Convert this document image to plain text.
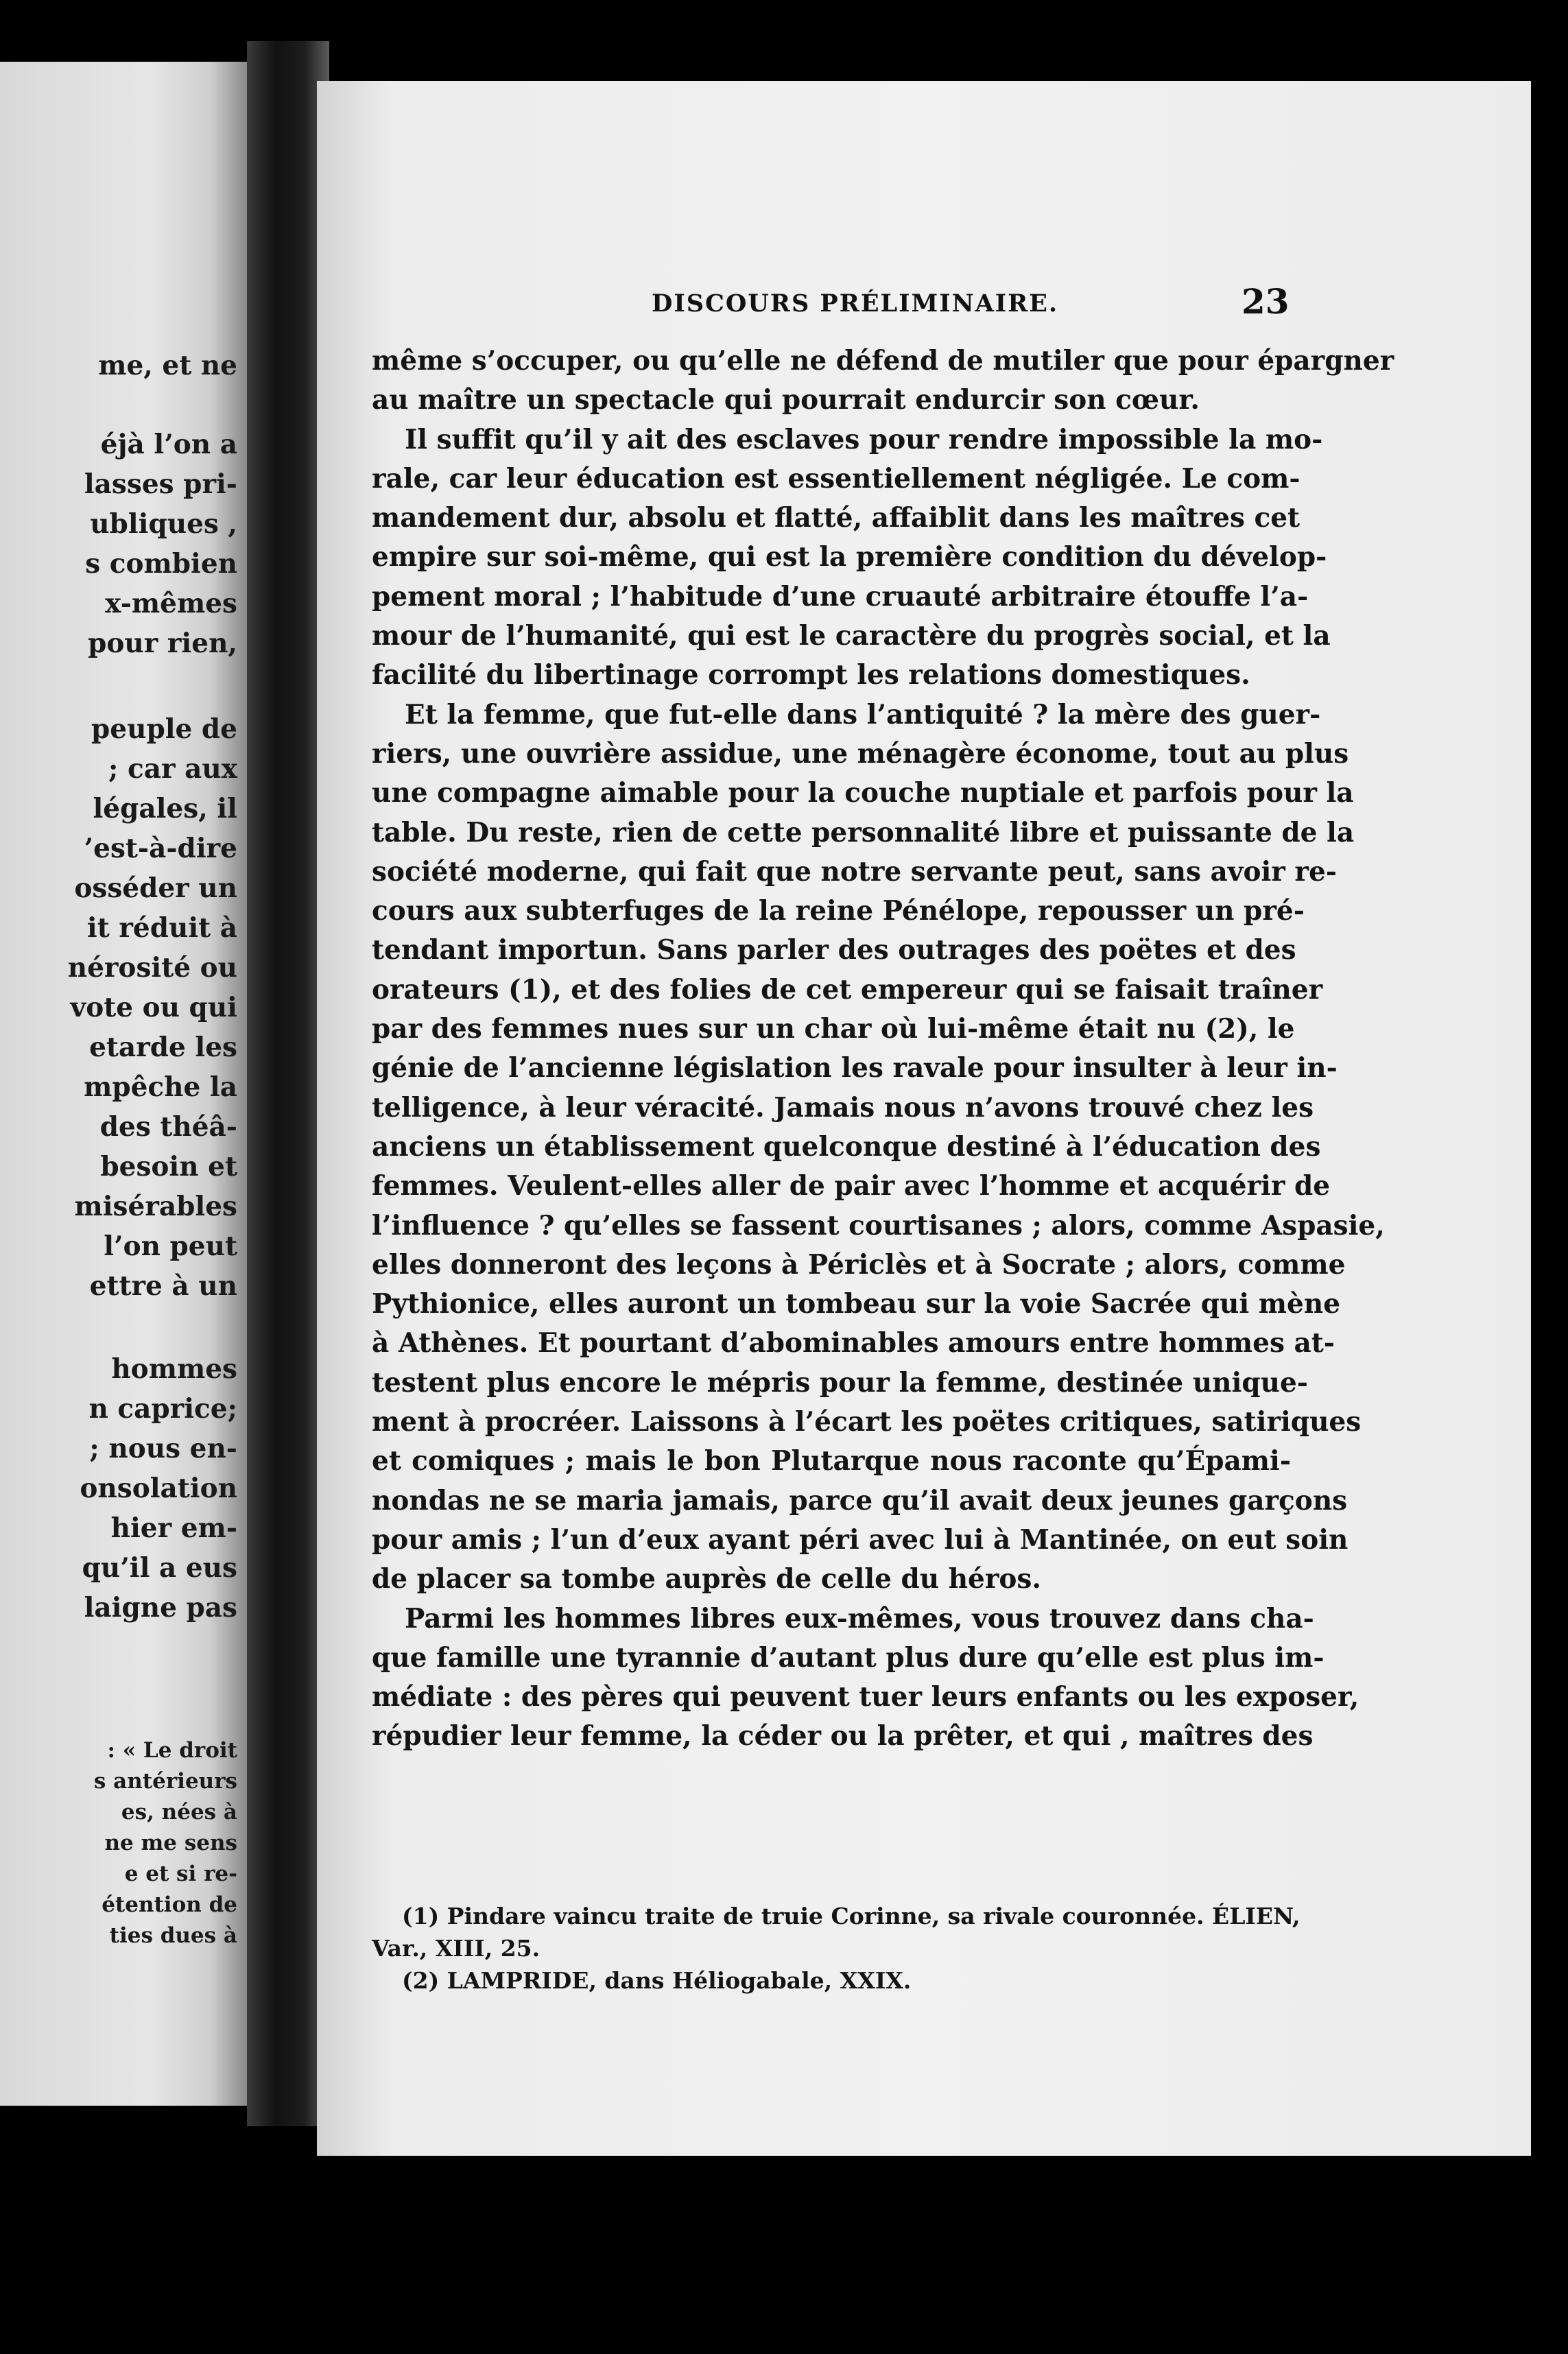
me, et ne
éjà l’on a
lasses pri-
ubliques ,
s combien
x-mêmes
pour rien,
peuple de
; car aux
légales, il
’est-à-dire
osséder un
it réduit à
nérosité ou
vote ou qui
etarde les
mpêche la
des théâ-
besoin et
misérables
l’on peut
ettre à un
hommes
n caprice;
; nous en-
onsolation
hier em-
qu’il a eus
laigne pas
: « Le droit
s antérieurs
es, nées à
ne me sens
e et si re-
étention de
ties dues à
DISCOURS PRÉLIMINAIRE.	23
même s’occuper, ou qu’elle ne défend de mutiler que pour épargner
au maître un spectacle qui pourrait endurcir son cœur.
Il suffit qu’il y ait des esclaves pour rendre impossible la mo-
rale, car leur éducation est essentiellement négligée. Le com-
mandement dur, absolu et flatté, affaiblit dans les maîtres cet
empire sur soi-même, qui est la première condition du dévelop-
pement moral ; l’habitude d’une cruauté arbitraire étouffe l’a-
mour de l’humanité, qui est le caractère du progrès social, et la
facilité du libertinage corrompt les relations domestiques.
Et la femme, que fut-elle dans l’antiquité ? la mère des guer-
riers, une ouvrière assidue, une ménagère économe, tout au plus
une compagne aimable pour la couche nuptiale et parfois pour la
table. Du reste, rien de cette personnalité libre et puissante de la
société moderne, qui fait que notre servante peut, sans avoir re-
cours aux subterfuges de la reine Pénélope, repousser un pré-
tendant importun. Sans parler des outrages des poëtes et des
orateurs (1), et des folies de cet empereur qui se faisait traîner
par des femmes nues sur un char où lui-même était nu (2), le
génie de l’ancienne législation les ravale pour insulter à leur in-
telligence, à leur véracité. Jamais nous n’avons trouvé chez les
anciens un établissement quelconque destiné à l’éducation des
femmes. Veulent-elles aller de pair avec l’homme et acquérir de
l’influence ? qu’elles se fassent courtisanes ; alors, comme Aspasie,
elles donneront des leçons à Périclès et à Socrate ; alors, comme
Pythionice, elles auront un tombeau sur la voie Sacrée qui mène
à Athènes. Et pourtant d’abominables amours entre hommes at-
testent plus encore le mépris pour la femme, destinée unique-
ment à procréer. Laissons à l’écart les poëtes critiques, satiriques
et comiques ; mais le bon Plutarque nous raconte qu’Épami-
nondas ne se maria jamais, parce qu’il avait deux jeunes garçons
pour amis ; l’un d’eux ayant péri avec lui à Mantinée, on eut soin
de placer sa tombe auprès de celle du héros.
Parmi les hommes libres eux-mêmes, vous trouvez dans cha-
que famille une tyrannie d’autant plus dure qu’elle est plus im-
médiate : des pères qui peuvent tuer leurs enfants ou les exposer,
répudier leur femme, la céder ou la prêter, et qui , maîtres des
(1) Pindare vaincu traite de truie Corinne, sa rivale couronnée. ÉLIEN,
Var., XIII, 25.
(2) LAMPRIDE, dans Héliogabale, XXIX.
